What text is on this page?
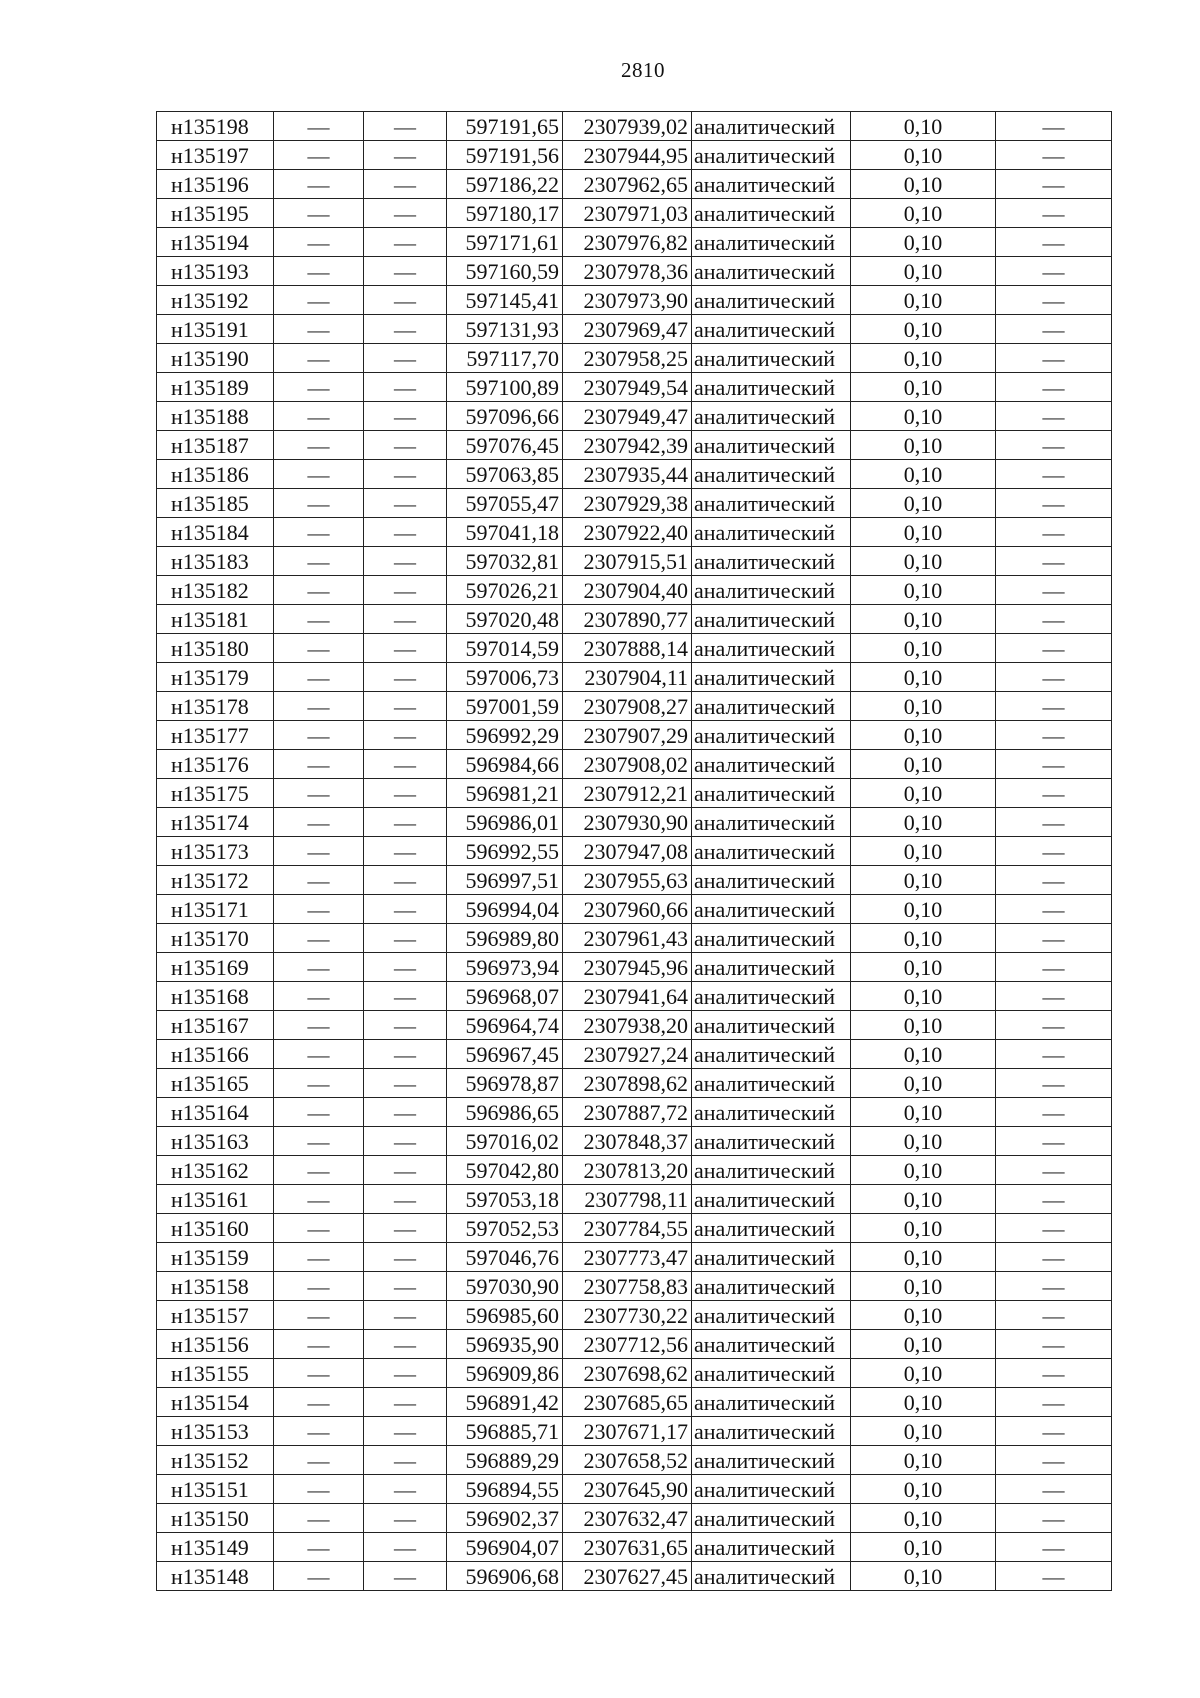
2810
н135198	—	—	597191,65	2307939,02	аналитический	0,10	—
н135197	—	—	597191,56	2307944,95	аналитический	0,10	—
н135196	—	—	597186,22	2307962,65	аналитический	0,10	—
н135195	—	—	597180,17	2307971,03	аналитический	0,10	—
н135194	—	—	597171,61	2307976,82	аналитический	0,10	—
н135193	—	—	597160,59	2307978,36	аналитический	0,10	—
н135192	—	—	597145,41	2307973,90	аналитический	0,10	—
н135191	—	—	597131,93	2307969,47	аналитический	0,10	—
н135190	—	—	597117,70	2307958,25	аналитический	0,10	—
н135189	—	—	597100,89	2307949,54	аналитический	0,10	—
н135188	—	—	597096,66	2307949,47	аналитический	0,10	—
н135187	—	—	597076,45	2307942,39	аналитический	0,10	—
н135186	—	—	597063,85	2307935,44	аналитический	0,10	—
н135185	—	—	597055,47	2307929,38	аналитический	0,10	—
н135184	—	—	597041,18	2307922,40	аналитический	0,10	—
н135183	—	—	597032,81	2307915,51	аналитический	0,10	—
н135182	—	—	597026,21	2307904,40	аналитический	0,10	—
н135181	—	—	597020,48	2307890,77	аналитический	0,10	—
н135180	—	—	597014,59	2307888,14	аналитический	0,10	—
н135179	—	—	597006,73	2307904,11	аналитический	0,10	—
н135178	—	—	597001,59	2307908,27	аналитический	0,10	—
н135177	—	—	596992,29	2307907,29	аналитический	0,10	—
н135176	—	—	596984,66	2307908,02	аналитический	0,10	—
н135175	—	—	596981,21	2307912,21	аналитический	0,10	—
н135174	—	—	596986,01	2307930,90	аналитический	0,10	—
н135173	—	—	596992,55	2307947,08	аналитический	0,10	—
н135172	—	—	596997,51	2307955,63	аналитический	0,10	—
н135171	—	—	596994,04	2307960,66	аналитический	0,10	—
н135170	—	—	596989,80	2307961,43	аналитический	0,10	—
н135169	—	—	596973,94	2307945,96	аналитический	0,10	—
н135168	—	—	596968,07	2307941,64	аналитический	0,10	—
н135167	—	—	596964,74	2307938,20	аналитический	0,10	—
н135166	—	—	596967,45	2307927,24	аналитический	0,10	—
н135165	—	—	596978,87	2307898,62	аналитический	0,10	—
н135164	—	—	596986,65	2307887,72	аналитический	0,10	—
н135163	—	—	597016,02	2307848,37	аналитический	0,10	—
н135162	—	—	597042,80	2307813,20	аналитический	0,10	—
н135161	—	—	597053,18	2307798,11	аналитический	0,10	—
н135160	—	—	597052,53	2307784,55	аналитический	0,10	—
н135159	—	—	597046,76	2307773,47	аналитический	0,10	—
н135158	—	—	597030,90	2307758,83	аналитический	0,10	—
н135157	—	—	596985,60	2307730,22	аналитический	0,10	—
н135156	—	—	596935,90	2307712,56	аналитический	0,10	—
н135155	—	—	596909,86	2307698,62	аналитический	0,10	—
н135154	—	—	596891,42	2307685,65	аналитический	0,10	—
н135153	—	—	596885,71	2307671,17	аналитический	0,10	—
н135152	—	—	596889,29	2307658,52	аналитический	0,10	—
н135151	—	—	596894,55	2307645,90	аналитический	0,10	—
н135150	—	—	596902,37	2307632,47	аналитический	0,10	—
н135149	—	—	596904,07	2307631,65	аналитический	0,10	—
н135148	—	—	596906,68	2307627,45	аналитический	0,10	—
